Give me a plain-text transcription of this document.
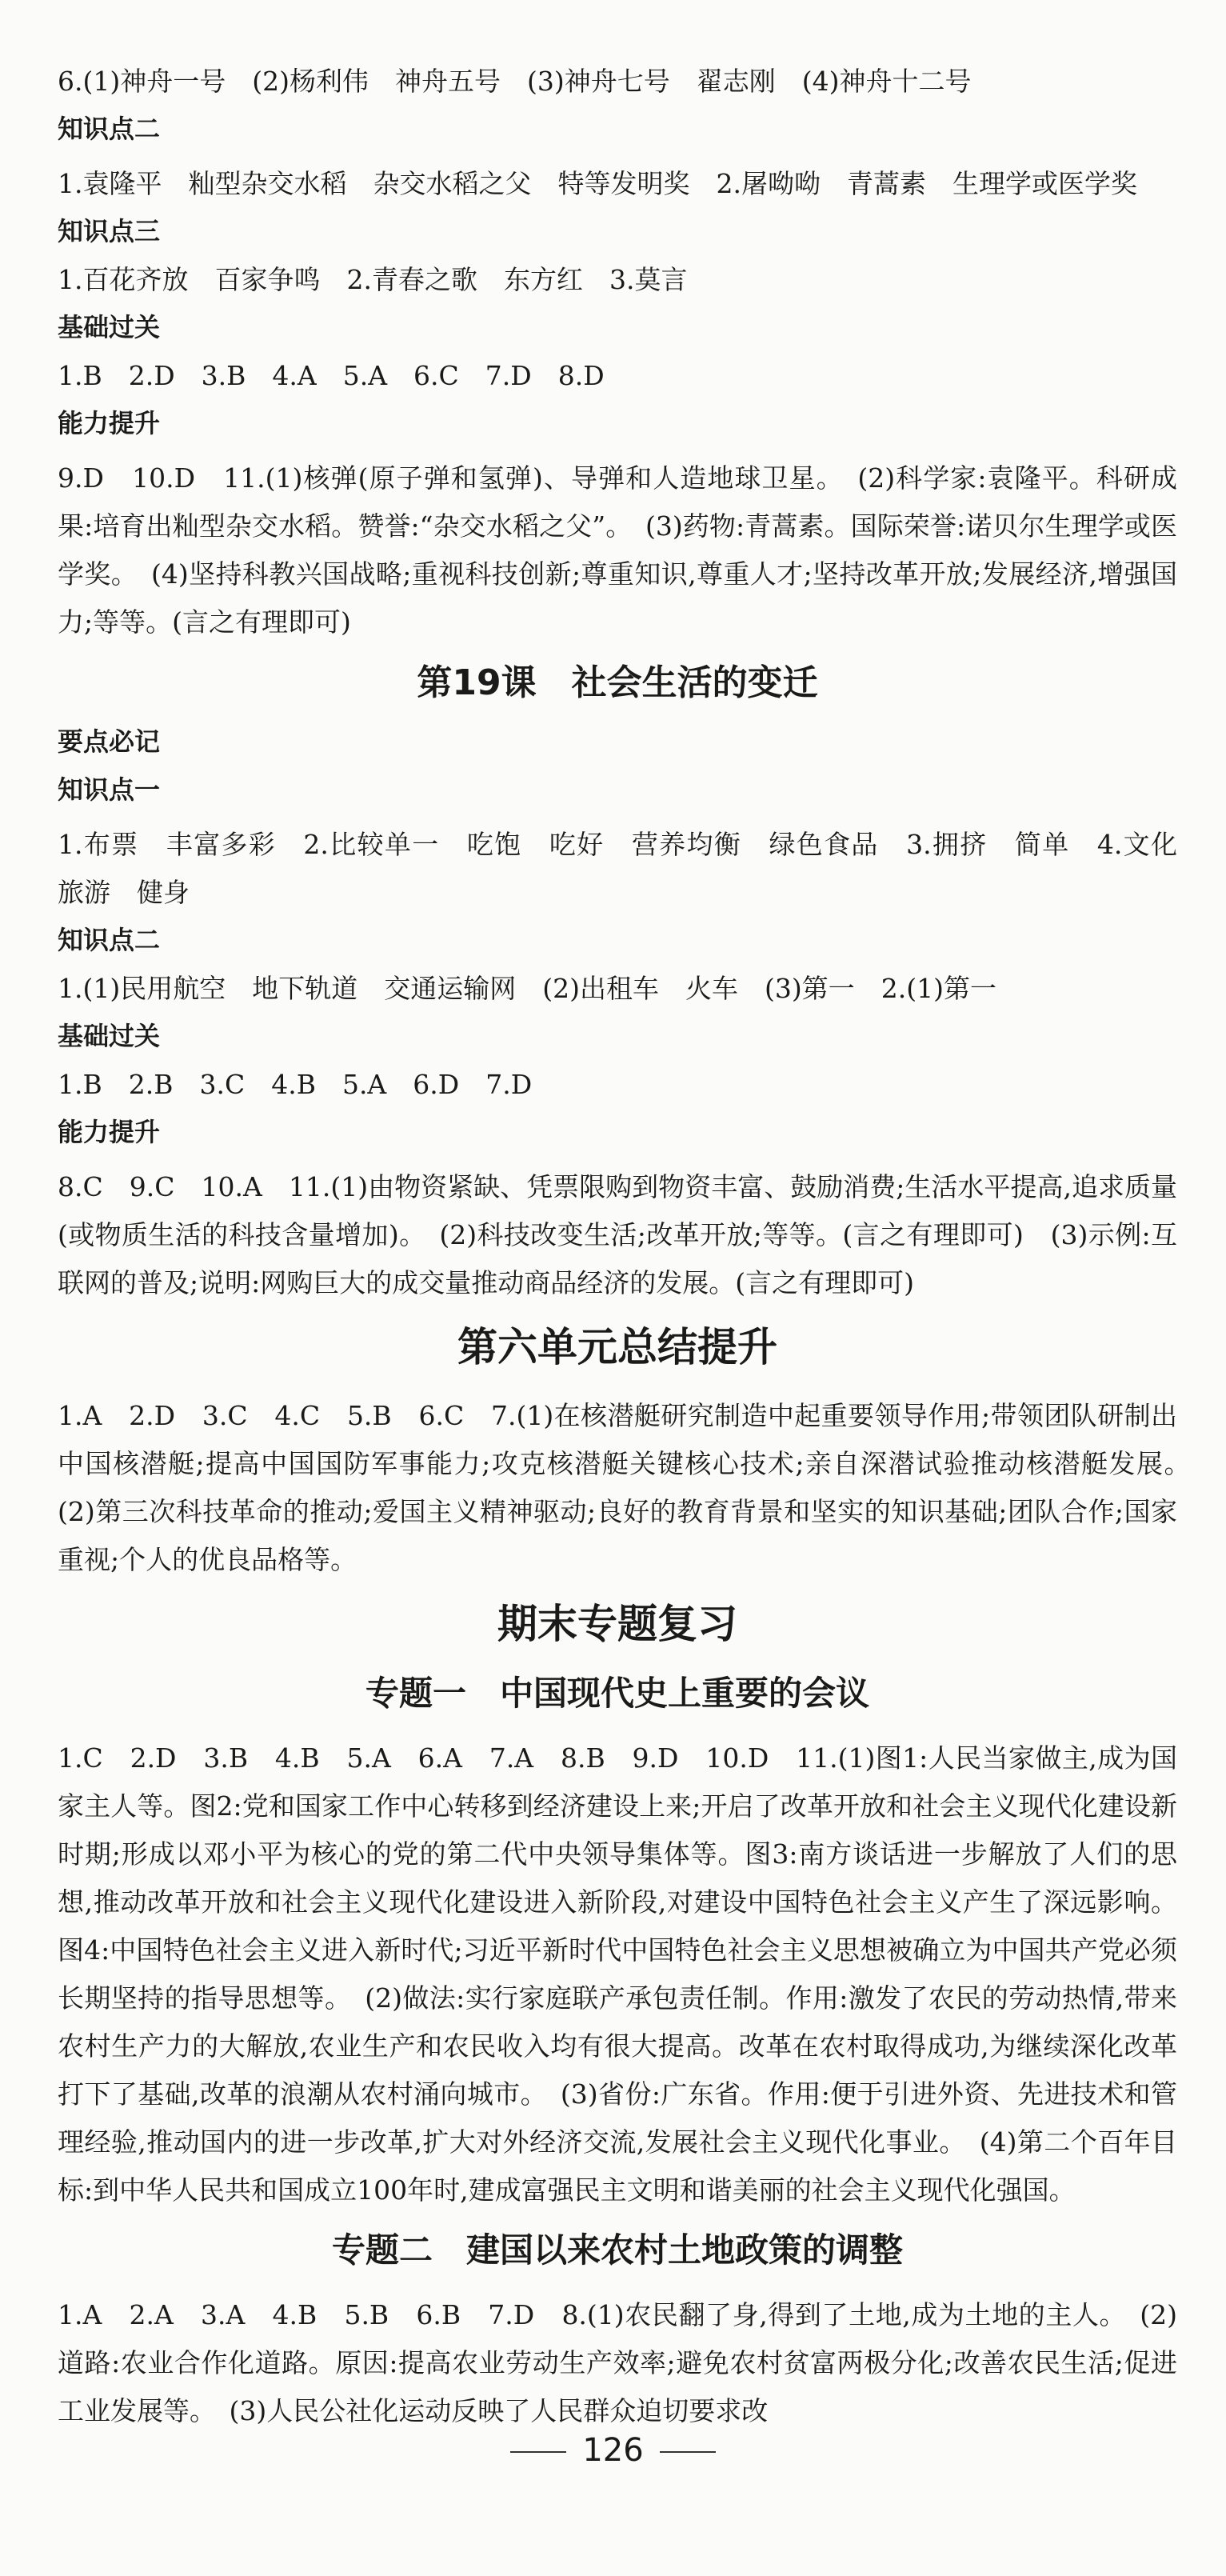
6.(1)神舟一号　(2)杨利伟　神舟五号　(3)神舟七号　翟志刚　(4)神舟十二号
知识点二
1.袁隆平　籼型杂交水稻　杂交水稻之父　特等发明奖　2.屠呦呦　青蒿素　生理学或医学奖
知识点三
1.百花齐放　百家争鸣　2.青春之歌　东方红　3.莫言
基础过关
1.B　2.D　3.B　4.A　5.A　6.C　7.D　8.D
能力提升
9.D　10.D　11.(1)核弹(原子弹和氢弹)、导弹和人造地球卫星。　(2)科学家:袁隆平。科研成果:培育出籼型杂交水稻。赞誉:“杂交水稻之父”。　(3)药物:青蒿素。国际荣誉:诺贝尔生理学或医学奖。　(4)坚持科教兴国战略;重视科技创新;尊重知识,尊重人才;坚持改革开放;发展经济,增强国力;等等。(言之有理即可)
第19课　社会生活的变迁
要点必记
知识点一
1.布票　丰富多彩　2.比较单一　吃饱　吃好　营养均衡　绿色食品　3.拥挤　简单　4.文化　旅游　健身
知识点二
1.(1)民用航空　地下轨道　交通运输网　(2)出租车　火车　(3)第一　2.(1)第一
基础过关
1.B　2.B　3.C　4.B　5.A　6.D　7.D
能力提升
8.C　9.C　10.A　11.(1)由物资紧缺、凭票限购到物资丰富、鼓励消费;生活水平提高,追求质量(或物质生活的科技含量增加)。　(2)科技改变生活;改革开放;等等。(言之有理即可)　(3)示例:互联网的普及;说明:网购巨大的成交量推动商品经济的发展。(言之有理即可)
第六单元总结提升
1.A　2.D　3.C　4.C　5.B　6.C　7.(1)在核潜艇研究制造中起重要领导作用;带领团队研制出中国核潜艇;提高中国国防军事能力;攻克核潜艇关键核心技术;亲自深潜试验推动核潜艇发展。　(2)第三次科技革命的推动;爱国主义精神驱动;良好的教育背景和坚实的知识基础;团队合作;国家重视;个人的优良品格等。
期末专题复习
专题一　中国现代史上重要的会议
1.C　2.D　3.B　4.B　5.A　6.A　7.A　8.B　9.D　10.D　11.(1)图1:人民当家做主,成为国家主人等。图2:党和国家工作中心转移到经济建设上来;开启了改革开放和社会主义现代化建设新时期;形成以邓小平为核心的党的第二代中央领导集体等。图3:南方谈话进一步解放了人们的思想,推动改革开放和社会主义现代化建设进入新阶段,对建设中国特色社会主义产生了深远影响。图4:中国特色社会主义进入新时代;习近平新时代中国特色社会主义思想被确立为中国共产党必须长期坚持的指导思想等。　(2)做法:实行家庭联产承包责任制。作用:激发了农民的劳动热情,带来农村生产力的大解放,农业生产和农民收入均有很大提高。改革在农村取得成功,为继续深化改革打下了基础,改革的浪潮从农村涌向城市。　(3)省份:广东省。作用:便于引进外资、先进技术和管理经验,推动国内的进一步改革,扩大对外经济交流,发展社会主义现代化事业。　(4)第二个百年目标:到中华人民共和国成立100年时,建成富强民主文明和谐美丽的社会主义现代化强国。
专题二　建国以来农村土地政策的调整
1.A　2.A　3.A　4.B　5.B　6.B　7.D　8.(1)农民翻了身,得到了土地,成为土地的主人。　(2)道路:农业合作化道路。原因:提高农业劳动生产效率;避免农村贫富两极分化;改善农民生活;促进工业发展等。　(3)人民公社化运动反映了人民群众迫切要求改
126
